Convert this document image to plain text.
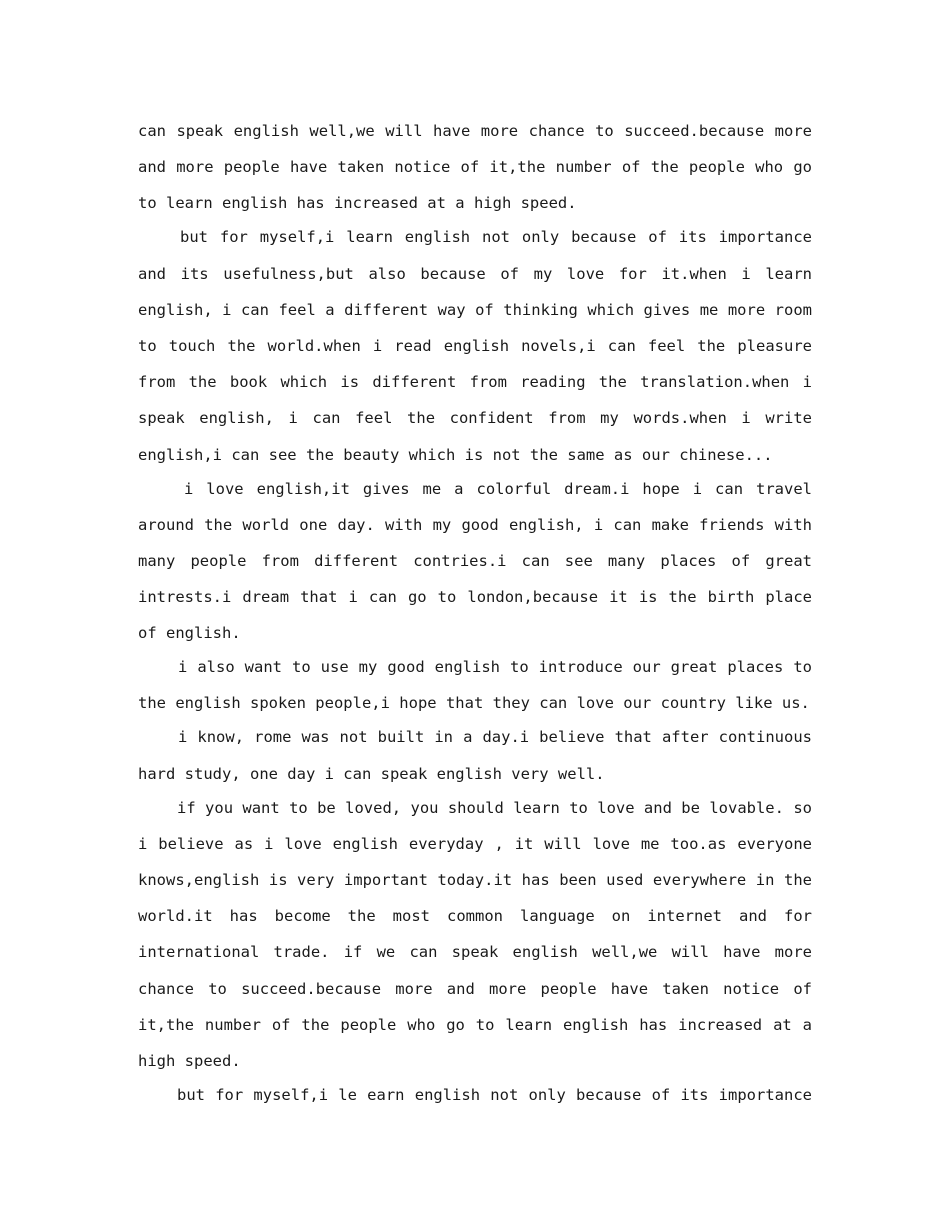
can speak english well,we will have more chance to succeed.because more
and more people have taken notice of it,the number of the people who go
to learn english has increased at a high speed.
but for myself,i learn english not only because of its importance
and its usefulness,but also because of my love for it.when i learn
english, i can feel a different way of thinking which gives me more room
to touch the world.when i read english novels,i can feel the pleasure
from the book which is different from reading the translation.when i
speak english, i can feel the confident from my words.when i write
english,i can see the beauty which is not the same as our chinese...
i love english,it gives me a colorful dream.i hope i can travel
around the world one day. with my good english, i can make friends with
many people from different contries.i can see many places of great
intrests.i dream that i can go to london,because it is the birth place
of english.
i also want to use my good english to introduce our great places to
the english spoken people,i hope that they can love our country like us.
i know, rome was not built in a day.i believe that after continuous
hard study, one day i can speak english very well.
if you want to be loved, you should learn to love and be lovable. so
i believe as i love english everyday , it will love me too.as everyone
knows,english is very important today.it has been used everywhere in the
world.it has become the most common language on internet and for
international trade. if we can speak english well,we will have more
chance to succeed.because more and more people have taken notice of
it,the number of the people who go to learn english has increased at a
high speed.
but for myself,i le earn english not only because of its importance
